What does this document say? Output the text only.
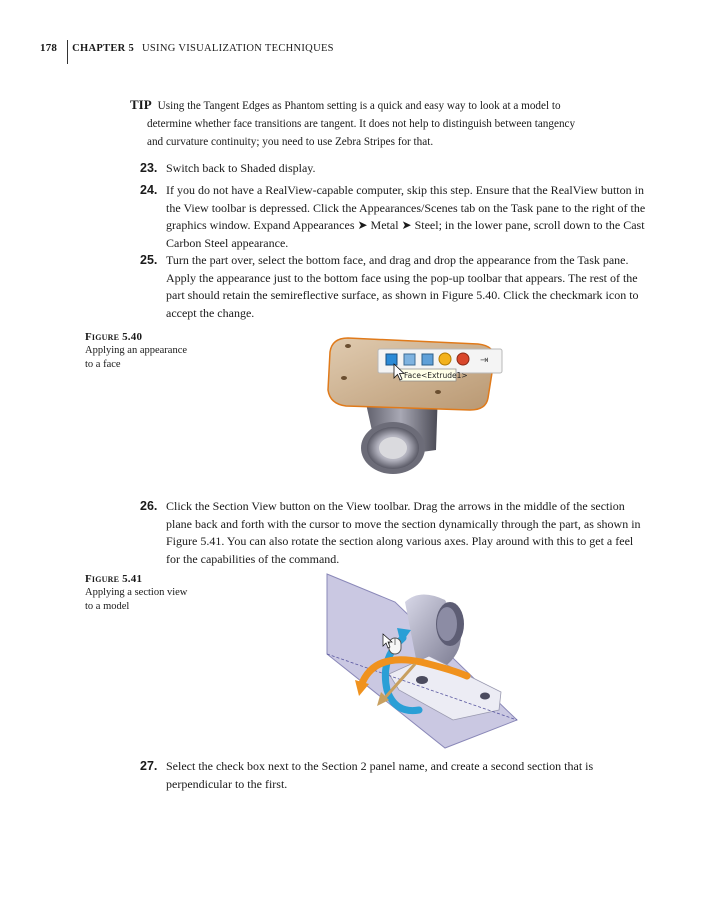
178 CHAPTER 5 USING VISUALIZATION TECHNIQUES
TIP Using the Tangent Edges as Phantom setting is a quick and easy way to look at a model to
determine whether face transitions are tangent. It does not help to distinguish between tangency
and curvature continuity; you need to use Zebra Stripes for that.
23. Switch back to Shaded display.
24. If you do not have a RealView-capable computer, skip this step. Ensure that the RealView button in the View toolbar is depressed. Click the Appearances/Scenes tab on the Task pane to the right of the graphics window. Expand Appearances ➤ Metal ➤ Steel; in the lower pane, scroll down to the Cast Carbon Steel appearance.
25. Turn the part over, select the bottom face, and drag and drop the appearance from the Task pane. Apply the appearance just to the bottom face using the pop-up toolbar that appears. The rest of the part should retain the semireflective surface, as shown in Figure 5.40. Click the checkmark icon to accept the change.
Figure 5.40
Applying an appearance
to a face	⇥
Face<Extrude1>
26. Click the Section View button on the View toolbar. Drag the arrows in the middle of the section plane back and forth with the cursor to move the section dynamically through the part, as shown in Figure 5.41. You can also rotate the section along various axes. Play around with this to get a feel for the capabilities of the command.
Figure 5.41
Applying a section view
to a model
27. Select the check box next to the Section 2 panel name, and create a second section that is perpendicular to the first.
